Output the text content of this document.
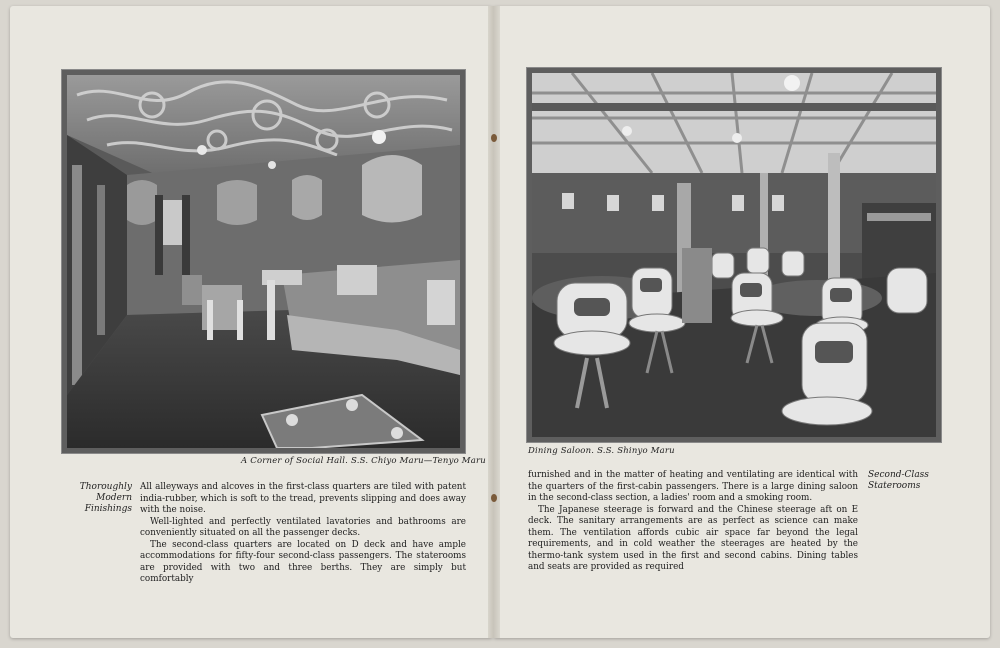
A Corner of Social Hall. S.S. Chiyo Maru—Tenyo Maru
Dining Saloon. S.S. Shinyo Maru
Thoroughly
Modern
Finishings

All alleyways and alcoves in the first-class quarters are tiled with patent india-rubber, which is soft to the tread, prevents slipping and does away with the noise.

Well-lighted and perfectly ventilated lavatories and bathrooms are conveniently situated on all the passenger decks.

The second-class quarters are located on D deck and have ample accommodations for fifty-four second-class passengers. The staterooms are provided with two and three berths. They are simply but comfortably

furnished and in the matter of heating and ventilating are identical with the quarters of the first-cabin passengers. There is a large dining saloon in the second-class section, a ladies' room and a smoking room.

The Japanese steerage is forward and the Chinese steerage aft on E deck. The sanitary arrangements are as perfect as science can make them. The ventilation affords cubic air space far beyond the legal requirements, and in cold weather the steerages are heated by the thermo-tank system used in the first and second cabins. Dining tables and seats are provided as required

Second-Class
Staterooms
